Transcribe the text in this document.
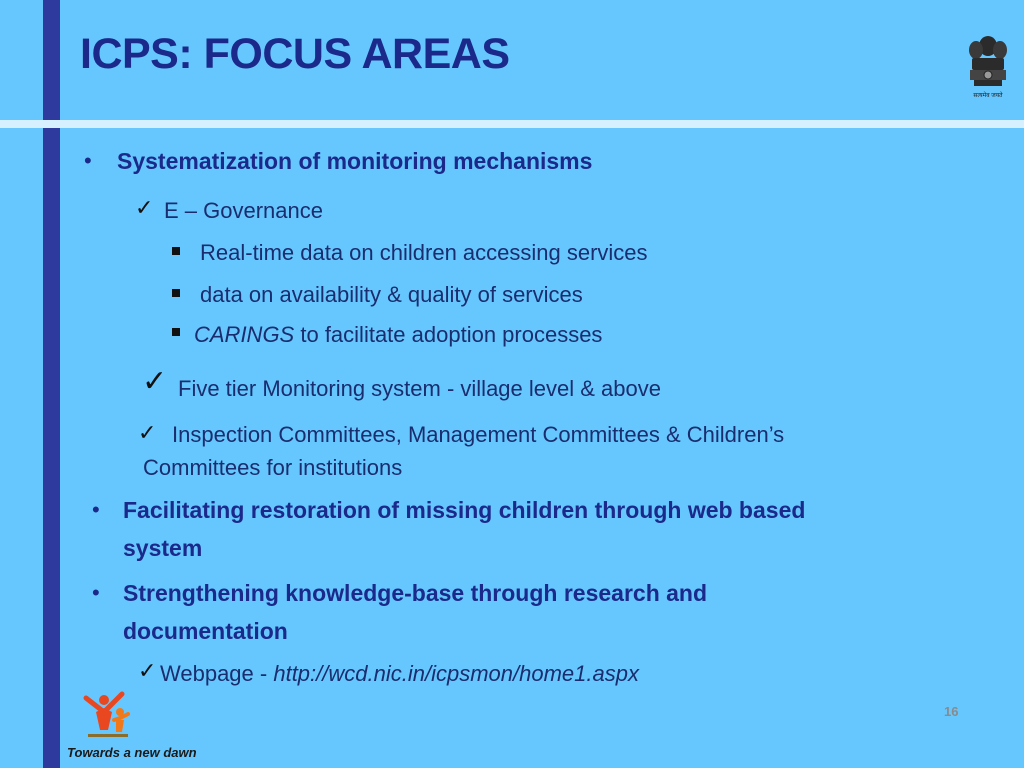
ICPS: FOCUS AREAS
सत्यमेव जयते
• Systematization of monitoring mechanisms
✓ E – Governance
Real-time data on children accessing services
data on availability & quality of services
CARINGS to facilitate adoption processes
✓ Five tier Monitoring system - village level & above
✓ Inspection Committees, Management Committees & Children’s
Committees for institutions
• Facilitating restoration of missing children through web based
system
• Strengthening knowledge-base through research and
documentation
✓ Webpage - http://wcd.nic.in/icpsmon/home1.aspx
Towards a new dawn
16
